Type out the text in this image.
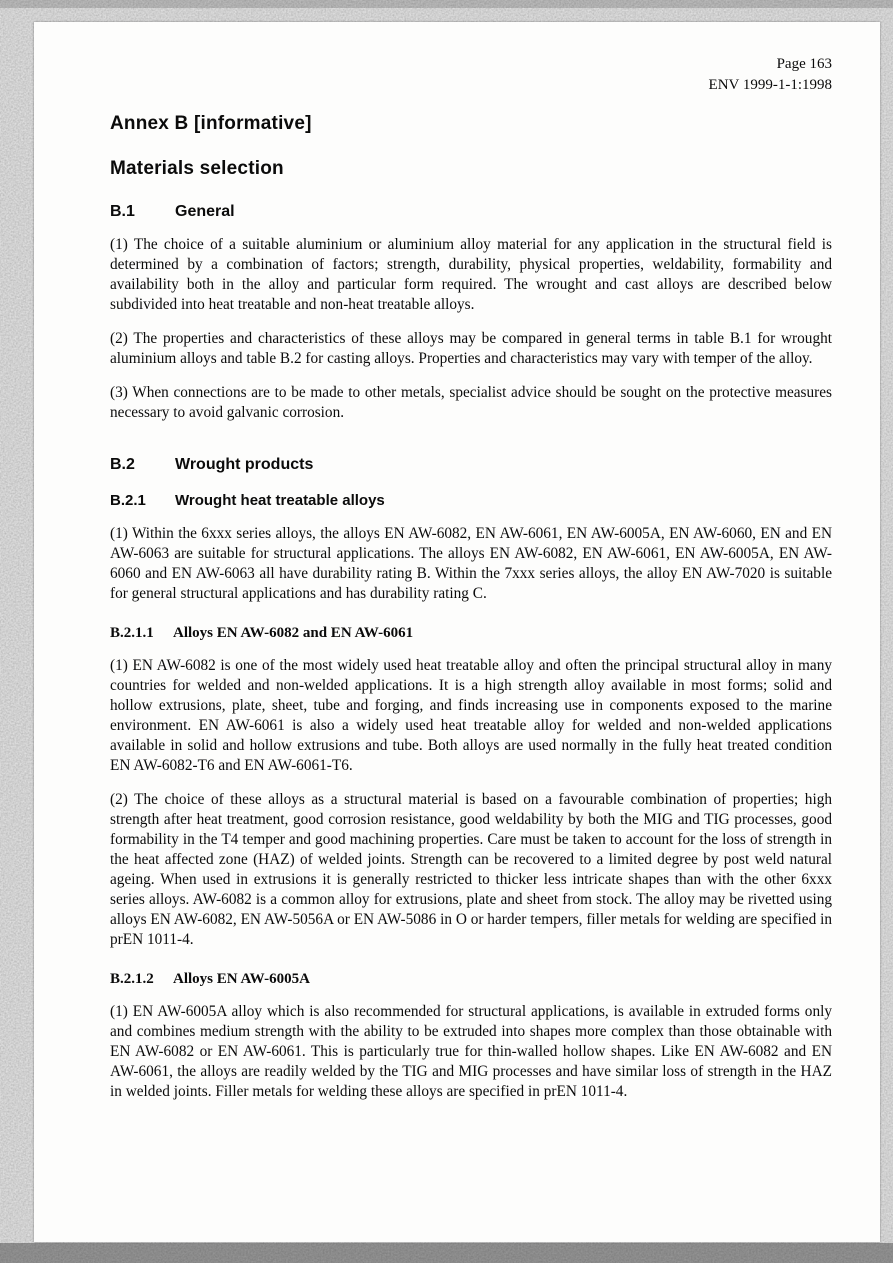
Page 163
ENV 1999-1-1:1998
Annex B [informative]
Materials selection
B.1	General

(1) The choice of a suitable aluminium or aluminium alloy material for any application in the structural field is determined by a combination of factors; strength, durability, physical properties, weldability, formability and availability both in the alloy and particular form required. The wrought and cast alloys are described below subdivided into heat treatable and non-heat treatable alloys.

(2) The properties and characteristics of these alloys may be compared in general terms in table B.1 for wrought aluminium alloys and table B.2 for casting alloys. Properties and characteristics may vary with temper of the alloy.

(3) When connections are to be made to other metals, specialist advice should be sought on the protective measures necessary to avoid galvanic corrosion.

B.2	Wrought products
B.2.1	Wrought heat treatable alloys

(1) Within the 6xxx series alloys, the alloys EN AW-6082, EN AW-6061, EN AW-6005A, EN AW-6060, EN and EN AW-6063 are suitable for structural applications. The alloys EN AW-6082, EN AW-6061, EN AW-6005A, EN AW-6060 and EN AW-6063 all have durability rating B. Within the 7xxx series alloys, the alloy EN AW-7020 is suitable for general structural applications and has durability rating C.

B.2.1.1	Alloys EN AW-6082 and EN AW-6061

(1) EN AW-6082 is one of the most widely used heat treatable alloy and often the principal structural alloy in many countries for welded and non-welded applications. It is a high strength alloy available in most forms; solid and hollow extrusions, plate, sheet, tube and forging, and finds increasing use in components exposed to the marine environment. EN AW-6061 is also a widely used heat treatable alloy for welded and non-welded applications available in solid and hollow extrusions and tube. Both alloys are used normally in the fully heat treated condition EN AW-6082-T6 and EN AW-6061-T6.

(2) The choice of these alloys as a structural material is based on a favourable combination of properties; high strength after heat treatment, good corrosion resistance, good weldability by both the MIG and TIG processes, good formability in the T4 temper and good machining properties. Care must be taken to account for the loss of strength in the heat affected zone (HAZ) of welded joints. Strength can be recovered to a limited degree by post weld natural ageing. When used in extrusions it is generally restricted to thicker less intricate shapes than with the other 6xxx series alloys. AW-6082 is a common alloy for extrusions, plate and sheet from stock. The alloy may be rivetted using alloys EN AW-6082, EN AW-5056A or EN AW-5086 in O or harder tempers, filler metals for welding are specified in prEN 1011-4.

B.2.1.2	Alloys EN AW-6005A

(1) EN AW-6005A alloy which is also recommended for structural applications, is available in extruded forms only and combines medium strength with the ability to be extruded into shapes more complex than those obtainable with EN AW-6082 or EN AW-6061. This is particularly true for thin-walled hollow shapes. Like EN AW-6082 and EN AW-6061, the alloys are readily welded by the TIG and MIG processes and have similar loss of strength in the HAZ in welded joints. Filler metals for welding these alloys are specified in prEN 1011-4.
